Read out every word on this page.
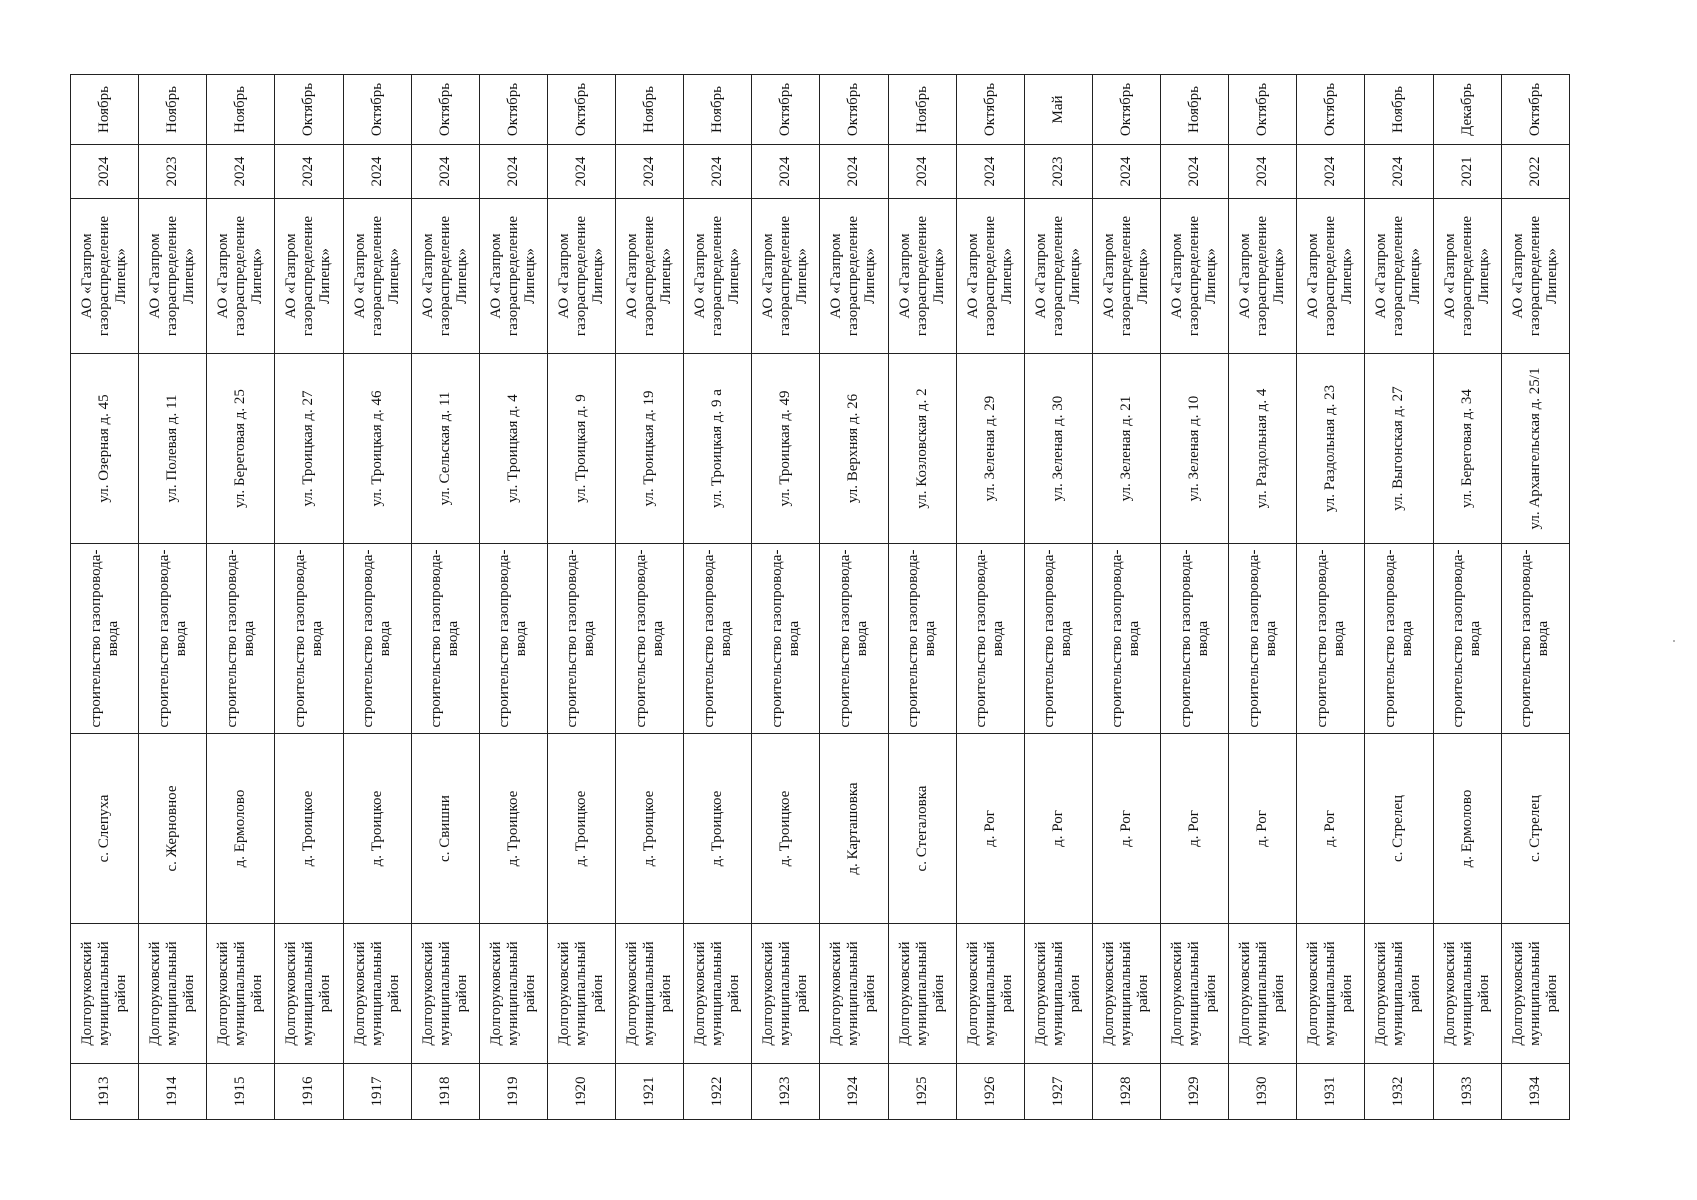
1913	Долгоруковский муниципальный район	с. Слепуха	строительство газопровода-ввода	ул. Озерная д. 45	АО «Газпром газораспределение Липецк»	2024	Ноябрь
1914	Долгоруковский муниципальный район	с. Жерновное	строительство газопровода-ввода	ул. Полевая д. 11	АО «Газпром газораспределение Липецк»	2023	Ноябрь
1915	Долгоруковский муниципальный район	д. Ермолово	строительство газопровода-ввода	ул. Береговая д. 25	АО «Газпром газораспределение Липецк»	2024	Ноябрь
1916	Долгоруковский муниципальный район	д. Троицкое	строительство газопровода-ввода	ул. Троицкая д. 27	АО «Газпром газораспределение Липецк»	2024	Октябрь
1917	Долгоруковский муниципальный район	д. Троицкое	строительство газопровода-ввода	ул. Троицкая д. 46	АО «Газпром газораспределение Липецк»	2024	Октябрь
1918	Долгоруковский муниципальный район	с. Свишни	строительство газопровода-ввода	ул. Сельская д. 11	АО «Газпром газораспределение Липецк»	2024	Октябрь
1919	Долгоруковский муниципальный район	д. Троицкое	строительство газопровода-ввода	ул. Троицкая д. 4	АО «Газпром газораспределение Липецк»	2024	Октябрь
1920	Долгоруковский муниципальный район	д. Троицкое	строительство газопровода-ввода	ул. Троицкая д. 9	АО «Газпром газораспределение Липецк»	2024	Октябрь
1921	Долгоруковский муниципальный район	д. Троицкое	строительство газопровода-ввода	ул. Троицкая д. 19	АО «Газпром газораспределение Липецк»	2024	Ноябрь
1922	Долгоруковский муниципальный район	д. Троицкое	строительство газопровода-ввода	ул. Троицкая д. 9 а	АО «Газпром газораспределение Липецк»	2024	Ноябрь
1923	Долгоруковский муниципальный район	д. Троицкое	строительство газопровода-ввода	ул. Троицкая д. 49	АО «Газпром газораспределение Липецк»	2024	Октябрь
1924	Долгоруковский муниципальный район	д. Карташовка	строительство газопровода-ввода	ул. Верхняя д. 26	АО «Газпром газораспределение Липецк»	2024	Октябрь
1925	Долгоруковский муниципальный район	с. Стегаловка	строительство газопровода-ввода	ул. Козловская д. 2	АО «Газпром газораспределение Липецк»	2024	Ноябрь
1926	Долгоруковский муниципальный район	д. Рог	строительство газопровода-ввода	ул. Зеленая д. 29	АО «Газпром газораспределение Липецк»	2024	Октябрь
1927	Долгоруковский муниципальный район	д. Рог	строительство газопровода-ввода	ул. Зеленая д. 30	АО «Газпром газораспределение Липецк»	2023	Май
1928	Долгоруковский муниципальный район	д. Рог	строительство газопровода-ввода	ул. Зеленая д. 21	АО «Газпром газораспределение Липецк»	2024	Октябрь
1929	Долгоруковский муниципальный район	д. Рог	строительство газопровода-ввода	ул. Зеленая д. 10	АО «Газпром газораспределение Липецк»	2024	Ноябрь
1930	Долгоруковский муниципальный район	д. Рог	строительство газопровода-ввода	ул. Раздольная д. 4	АО «Газпром газораспределение Липецк»	2024	Октябрь
1931	Долгоруковский муниципальный район	д. Рог	строительство газопровода-ввода	ул. Раздольная д. 23	АО «Газпром газораспределение Липецк»	2024	Октябрь
1932	Долгоруковский муниципальный район	с. Стрелец	строительство газопровода-ввода	ул. Выгонская д. 27	АО «Газпром газораспределение Липецк»	2024	Ноябрь
1933	Долгоруковский муниципальный район	д. Ермолово	строительство газопровода-ввода	ул. Береговая д. 34	АО «Газпром газораспределение Липецк»	2021	Декабрь
1934	Долгоруковский муниципальный район	с. Стрелец	строительство газопровода-ввода	ул. Архангельская д. 25/1	АО «Газпром газораспределение Липецк»	2022	Октябрь
